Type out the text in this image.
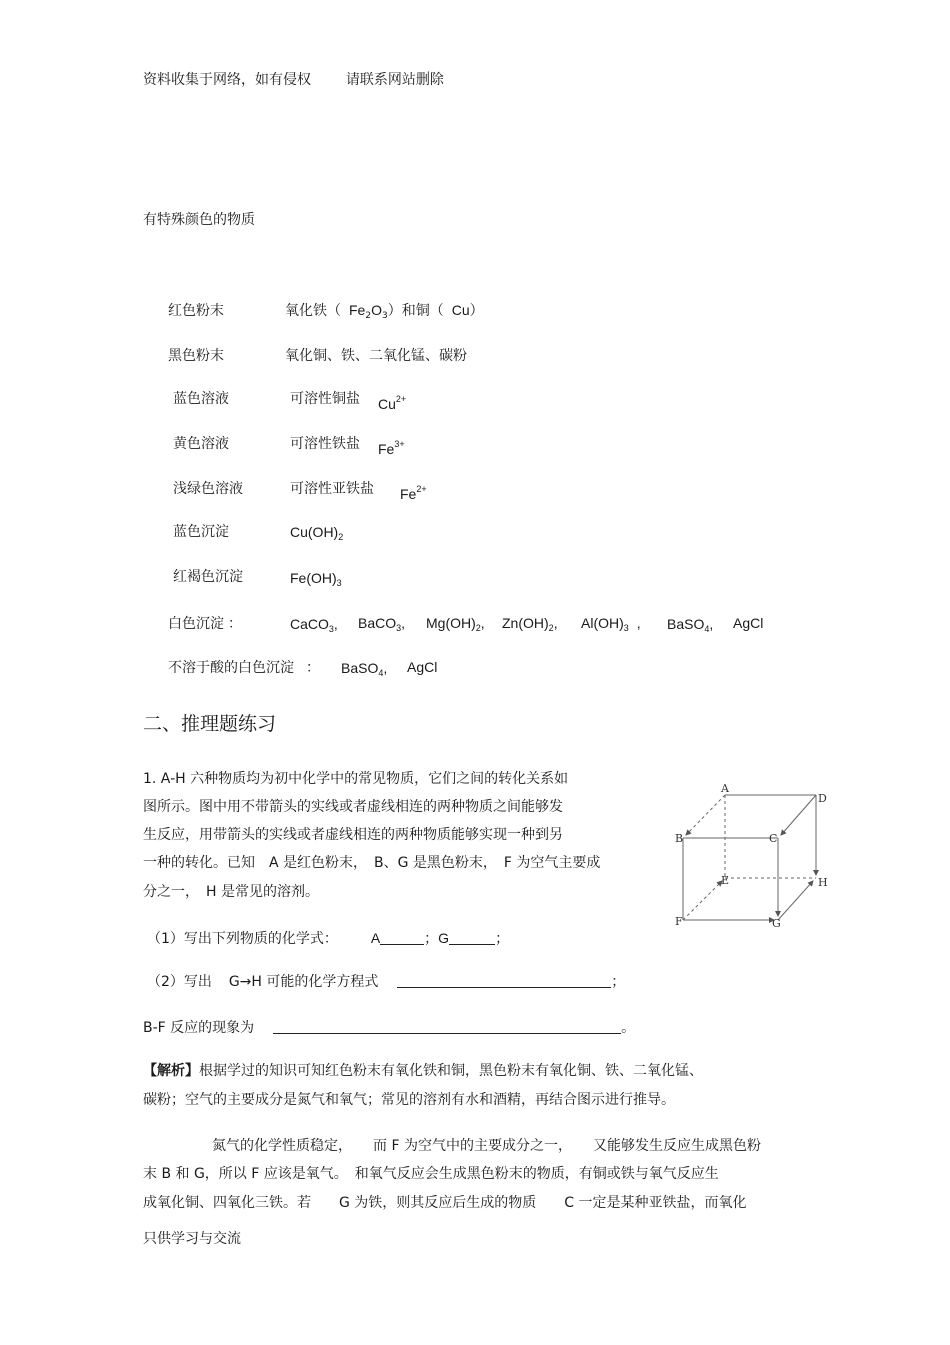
资料收集于网络，如有侵权 请联系网站删除
有特殊颜色的物质
红色粉末	氧化铁（ $Fe_2O_3$）和铜（ Cu）
黑色粉末	氧化铜、铁、二氧化锰、碳粉
蓝色溶液	可溶性铜盐 $Cu^{2+}$
黄色溶液	可溶性铁盐 $Fe^{3+}$
浅绿色溶液	可溶性亚铁盐 $Fe^{2+}$
蓝色沉淀	$Cu(OH)_2$
红褐色沉淀	$Fe(OH)_3$
白色沉淀 ：	CaCO$_3$, BaCO$_3$, $Mg(OH)_2$, $Zn(OH)_2$, $Al(OH)_3$ , BaSO$_4$, AgCl
不溶于酸的白色沉淀 ： BaSO$_4$, AgCl
二、推理题练习
1. A-H 六种物质均为初中化学中的常见物质，它们之间的转化关系如
图所示。图中用不带箭头的实线或者虚线相连的两种物质之间能够发
生反应，用带箭头的实线或者虚线相连的两种物质能够实现一种到另
一种的转化。已知　A 是红色粉末，　B、G 是黑色粉末，　F 为空气主要成
分之一，　H 是常见的溶剂。
A
D
B	C
E	H
F	G
（1）写出下列物质的化学式： A	；G	；
（2）写出 G→H 可能的化学方程式	；
B-F 反应的现象为	。
【解析】根据学过的知识可知红色粉末有氧化铁和铜，黑色粉末有氧化铜、铁、二氧化锰、
碳粉；空气的主要成分是氮气和氧气；常见的溶剂有水和酒精，再结合图示进行推导。
氮气的化学性质稳定，　　而 F 为空气中的主要成分之一，　　又能够发生反应生成黑色粉
末 B 和 G，所以 F 应该是氧气。　和氧气反应会生成黑色粉末的物质，有铜或铁与氧气反应生
成氧化铜、四氧化三铁。若　　G 为铁，则其反应后生成的物质　　C 一定是某种亚铁盐，而氧化
只供学习与交流
